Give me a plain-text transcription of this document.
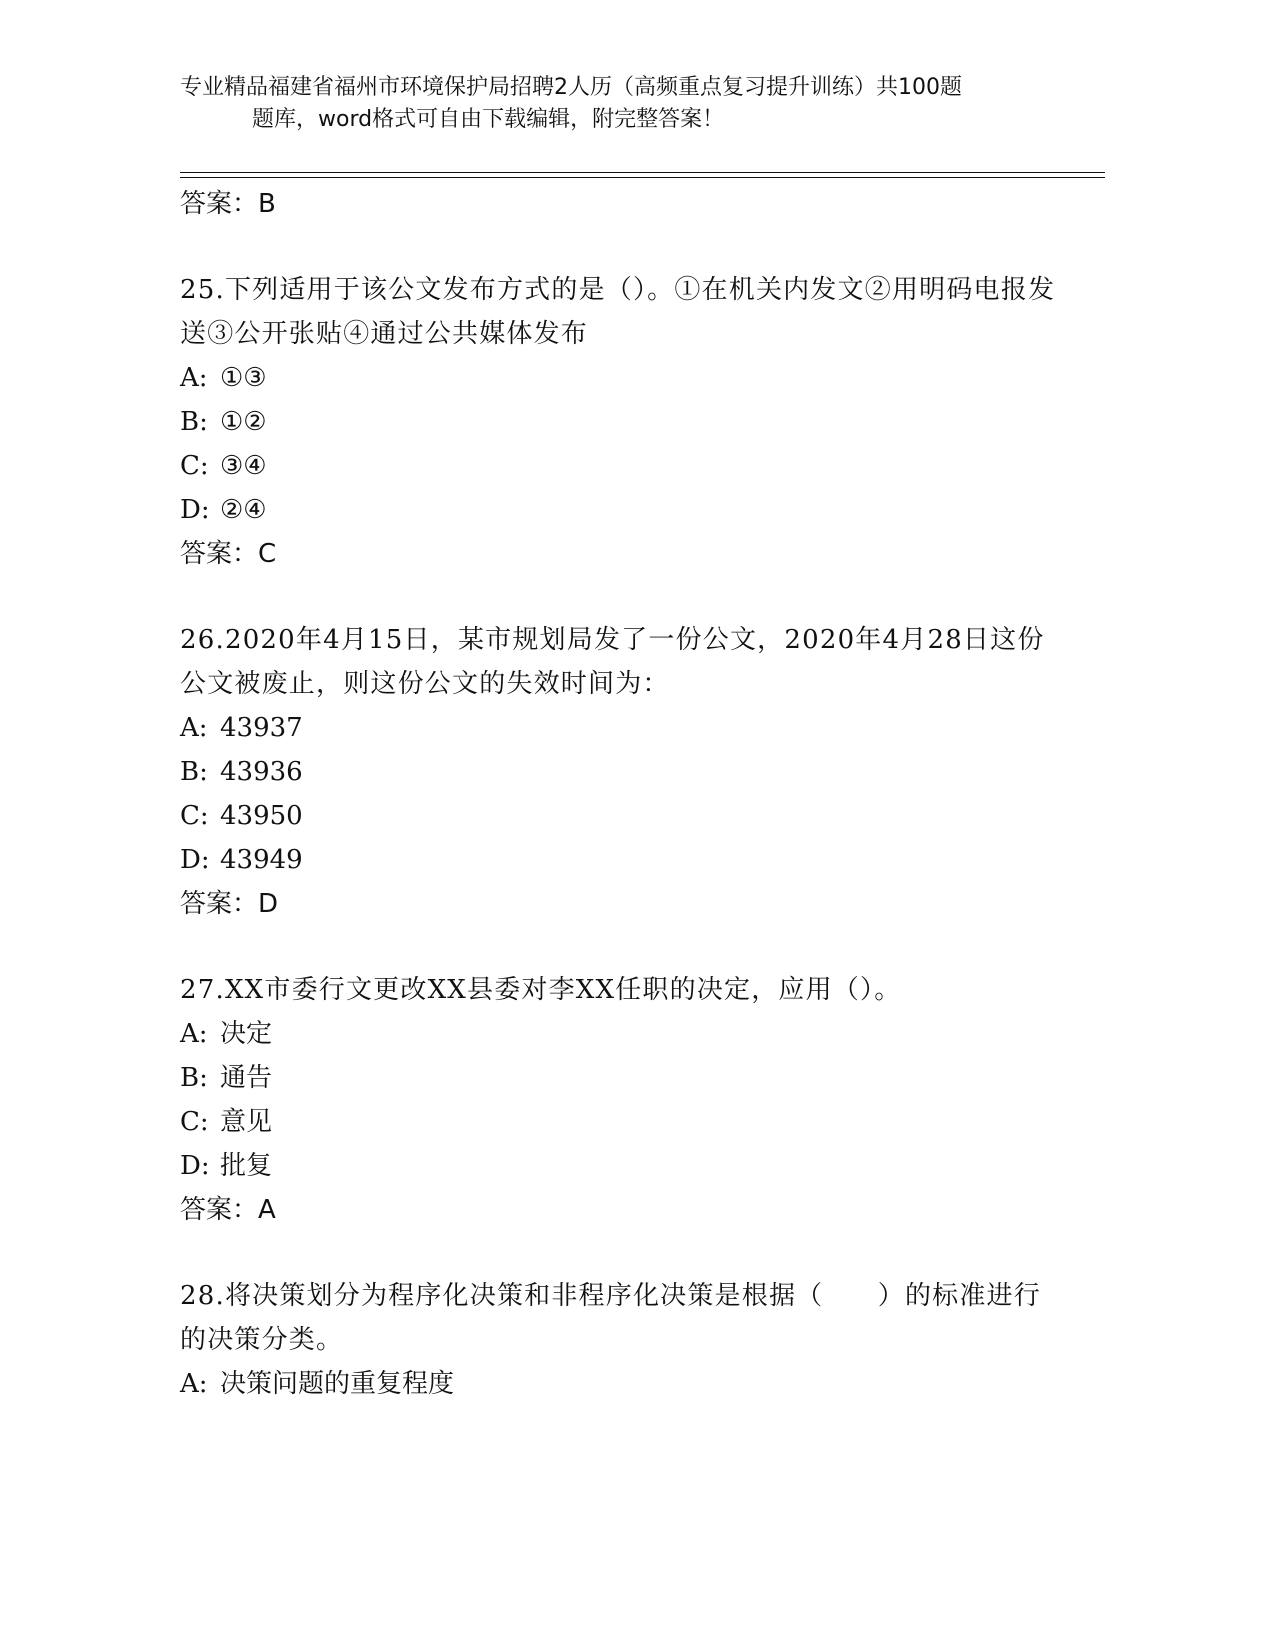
专业精品福建省福州市环境保护局招聘2人历（高频重点复习提升训练）共100题
题库，word格式可自由下载编辑，附完整答案！
答案：B
25.下列适用于该公文发布方式的是（）。①在机关内发文②用明码电报发送③公开张贴④通过公共媒体发布
A: ①③
B: ①②
C: ③④
D: ②④
答案：C
26.2020年4月15日，某市规划局发了一份公文，2020年4月28日这份公文被废止，则这份公文的失效时间为：
A: 43937
B: 43936
C: 43950
D: 43949
答案：D
27.XX市委行文更改XX县委对李XX任职的决定，应用（）。
A: 决定
B: 通告
C: 意见
D: 批复
答案：A
28.将决策划分为程序化决策和非程序化决策是根据（　　）的标准进行的决策分类。
A: 决策问题的重复程度
